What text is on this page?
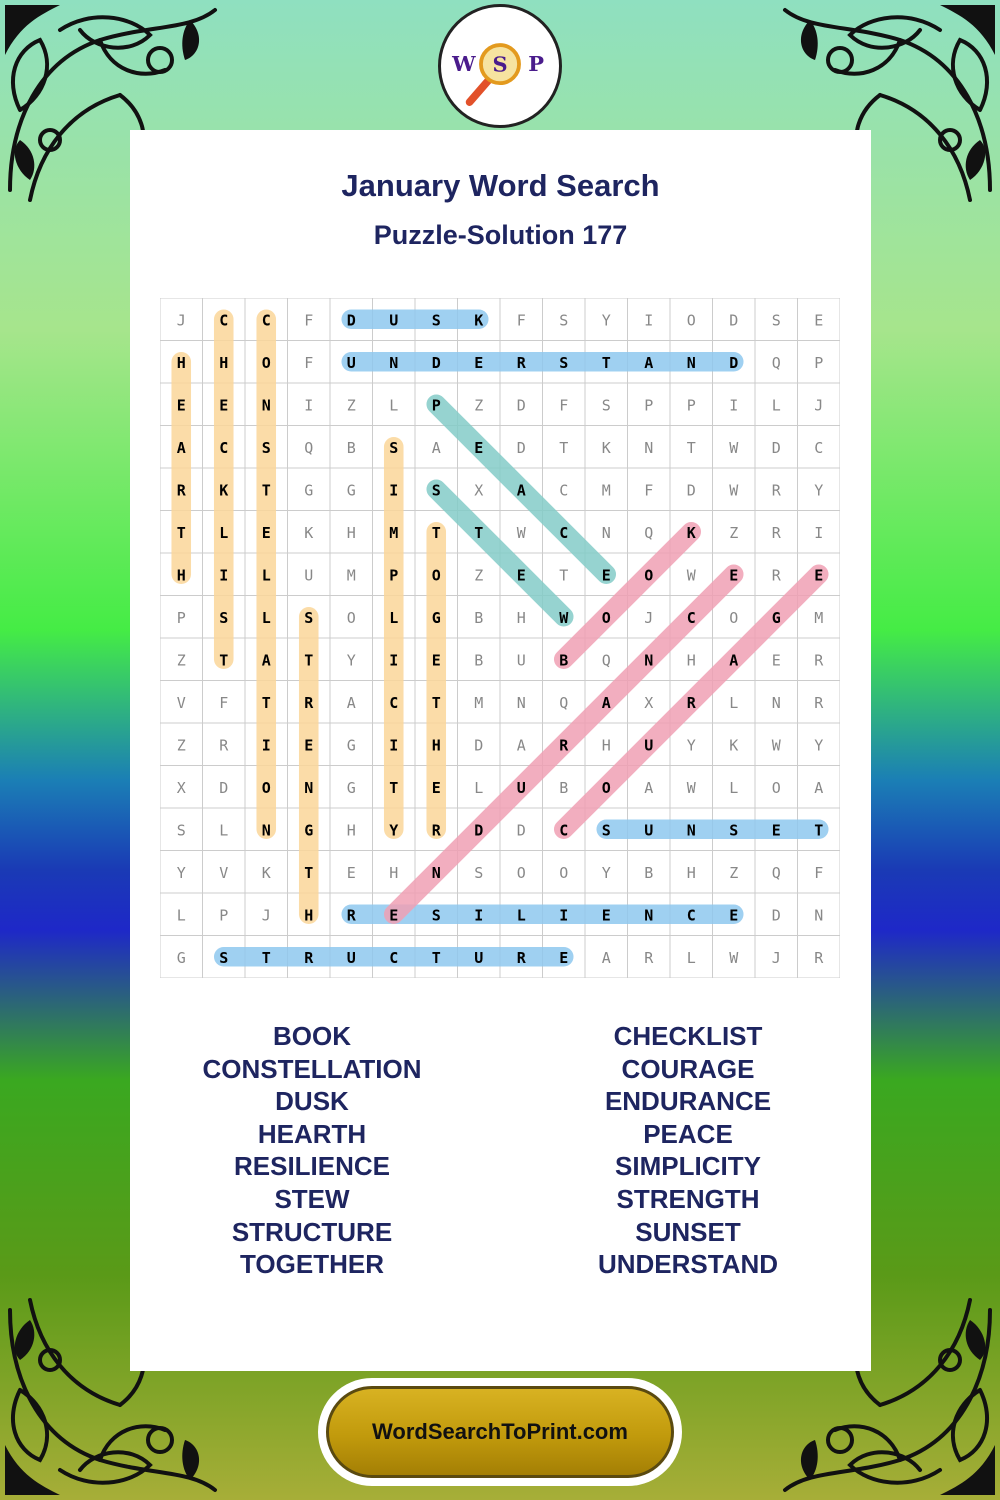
W S P
January Word Search
Puzzle-Solution 177
J C C F D U S K F S Y I O D S E
H H O F U N D E R S T A N D Q P
E E N I Z L P Z D F S P P I L J
A C S Q B S A E D T K N T W D C
R K T G G I S X A C M F D W R Y
T L E K H M T T W C N Q K Z R I
H I L U M P O Z E T E O W E R E
P S L S O L G B H W O J C O G M
Z T A T Y I E B U B Q N H A E R
V F T R A C T M N Q A X R L N R
Z R I E G I H D A R H U Y K W Y
X D O N G T E L U B O A W L O A
S L N G H Y R D D C S U N S E T
Y V K T E H N S O O Y B H Z Q F
L P J H R E S I L I E N C E D N
G S T R U C T U R E A R L W J R
BOOK
CONSTELLATION
DUSK
HEARTH
RESILIENCE
STEW
STRUCTURE
TOGETHER
CHECKLIST
COURAGE
ENDURANCE
PEACE
SIMPLICITY
STRENGTH
SUNSET
UNDERSTAND
WordSearchToPrint.com
